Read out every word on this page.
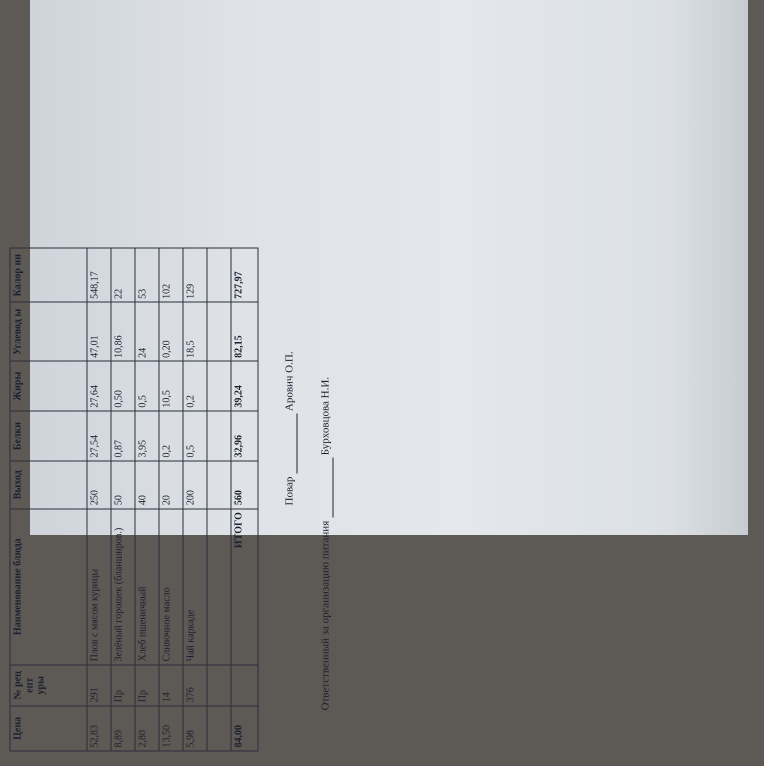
Цена	№ рец епт уры	Наименование блюда	Выход	Белки	Жиры	Углевод ы	Калор ии
52,83	291	Плов с мясом курицы	250	27,54	27,64	47,01	548,17
8,89	Пр	Зелёный горошек (бланширов.)	50	0,87	0,50	10,86	22
2,80	Пр	Хлеб пшеничный	40	3,95	0,5	24	53
13,50	14	Сливочное масло	20	0,2	10,5	0,20	102
5,98	376	Чай каркаде	200	0,5	0,2	18,5	129

84,00		ИТОГО	560	32,96	39,24	82,15	727,97
Повар   Арович О.П.
Ответственный за организацию питания   Бурховцова Н.И.
